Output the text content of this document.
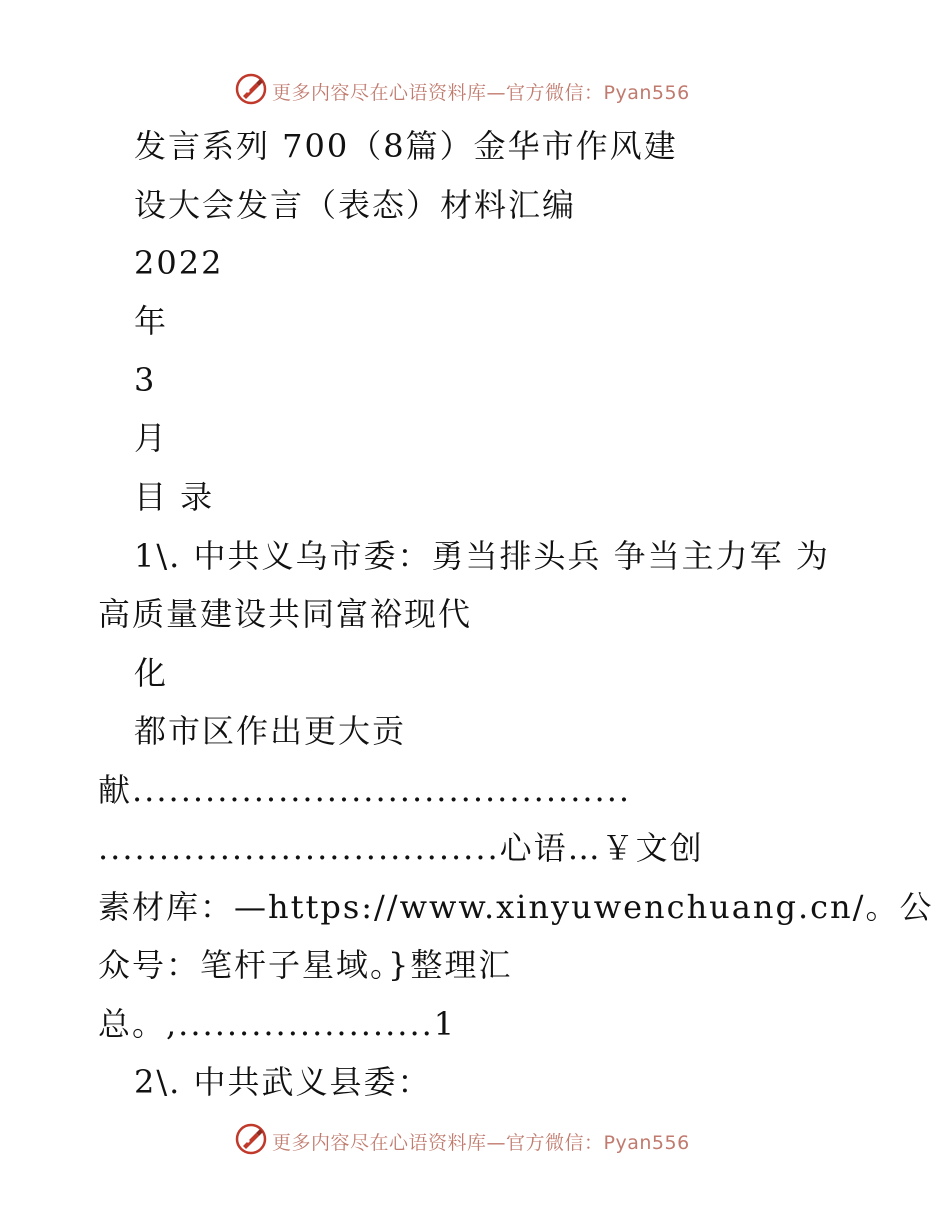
更多内容尽在心语资料库—官方微信：Pyan556
发言系列 700（8篇）金华市作风建
设大会发言（表态）材料汇编
2022
年
3
月
目 录
1\. 中共义乌市委：勇当排头兵 争当主力军 为
高质量建设共同富裕现代
化
都市区作出更大贡
献.........................................
.................................心语…￥文创
素材库：—https://www.xinyuwenchuang.cn/。公
众号：笔杆子星域。}整理汇
总。,.....................1
2\. 中共武义县委：
更多内容尽在心语资料库—官方微信：Pyan556
